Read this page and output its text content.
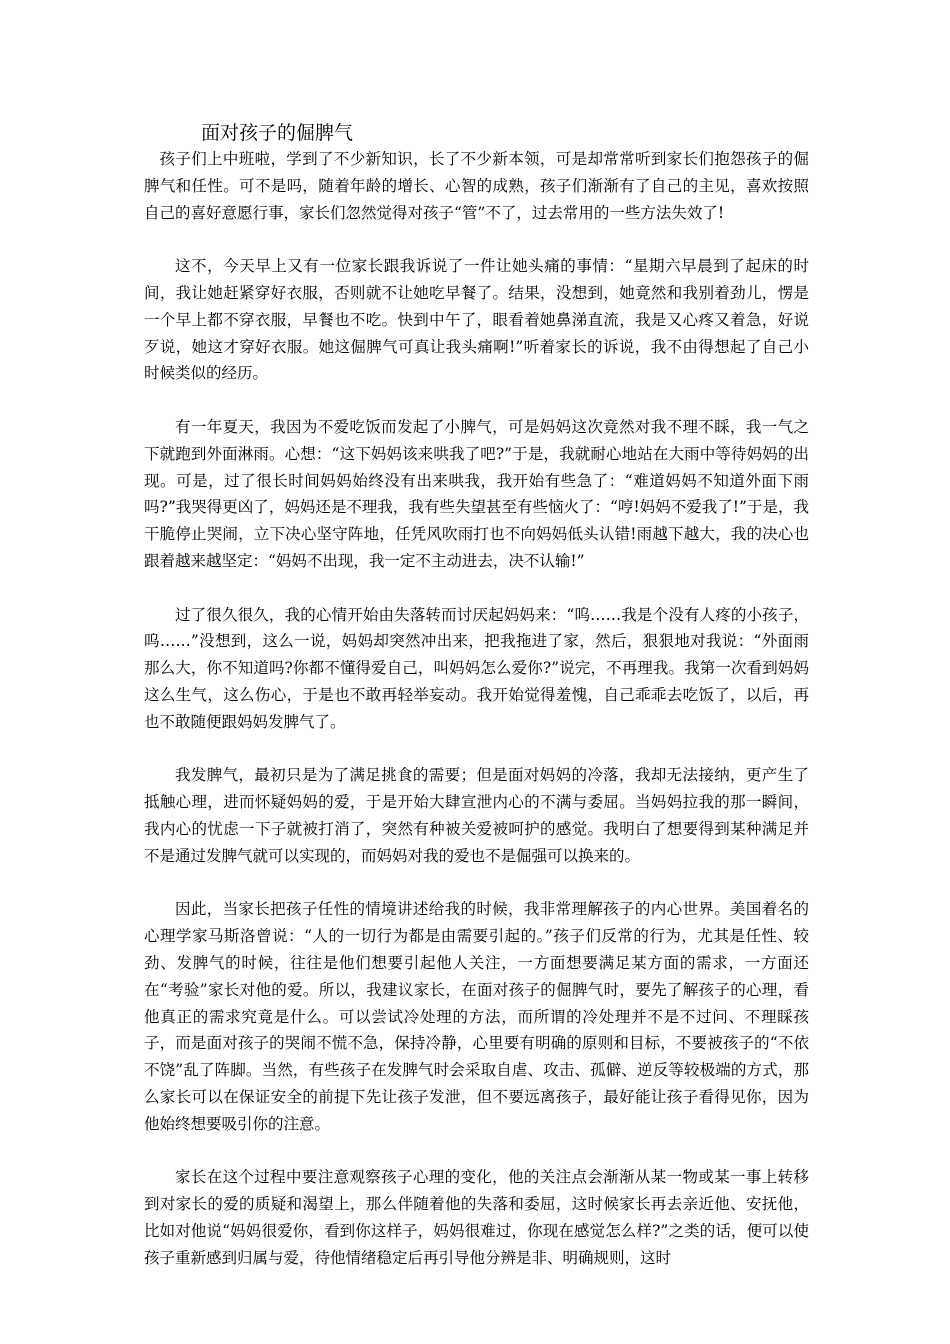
面对孩子的倔脾气

孩子们上中班啦，学到了不少新知识，长了不少新本领，可是却常常听到家长们抱怨孩子的倔脾气和任性。可不是吗，随着年龄的增长、心智的成熟，孩子们渐渐有了自己的主见，喜欢按照自己的喜好意愿行事，家长们忽然觉得对孩子“管”不了，过去常用的一些方法失效了!

这不，今天早上又有一位家长跟我诉说了一件让她头痛的事情：“星期六早晨到了起床的时间，我让她赶紧穿好衣服，否则就不让她吃早餐了。结果，没想到，她竟然和我别着劲儿，愣是一个早上都不穿衣服，早餐也不吃。快到中午了，眼看着她鼻涕直流，我是又心疼又着急，好说歹说，她这才穿好衣服。她这倔脾气可真让我头痛啊!”听着家长的诉说，我不由得想起了自己小时候类似的经历。

有一年夏天，我因为不爱吃饭而发起了小脾气，可是妈妈这次竟然对我不理不睬，我一气之下就跑到外面淋雨。心想：“这下妈妈该来哄我了吧?”于是，我就耐心地站在大雨中等待妈妈的出现。可是，过了很长时间妈妈始终没有出来哄我，我开始有些急了：“难道妈妈不知道外面下雨吗?”我哭得更凶了，妈妈还是不理我，我有些失望甚至有些恼火了：“哼!妈妈不爱我了!”于是，我干脆停止哭闹，立下决心坚守阵地，任凭风吹雨打也不向妈妈低头认错!雨越下越大，我的决心也跟着越来越坚定：“妈妈不出现，我一定不主动进去，决不认输!”

过了很久很久，我的心情开始由失落转而讨厌起妈妈来：“呜……我是个没有人疼的小孩子，呜……”没想到，这么一说，妈妈却突然冲出来，把我拖进了家，然后，狠狠地对我说：“外面雨那么大，你不知道吗?你都不懂得爱自己，叫妈妈怎么爱你?”说完，不再理我。我第一次看到妈妈这么生气，这么伤心，于是也不敢再轻举妄动。我开始觉得羞愧，自己乖乖去吃饭了，以后，再也不敢随便跟妈妈发脾气了。

我发脾气，最初只是为了满足挑食的需要；但是面对妈妈的冷落，我却无法接纳，更产生了抵触心理，进而怀疑妈妈的爱，于是开始大肆宣泄内心的不满与委屈。当妈妈拉我的那一瞬间，我内心的忧虑一下子就被打消了，突然有种被关爱被呵护的感觉。我明白了想要得到某种满足并不是通过发脾气就可以实现的，而妈妈对我的爱也不是倔强可以换来的。

因此，当家长把孩子任性的情境讲述给我的时候，我非常理解孩子的内心世界。美国着名的心理学家马斯洛曾说：“人的一切行为都是由需要引起的。”孩子们反常的行为，尤其是任性、较劲、发脾气的时候，往往是他们想要引起他人关注，一方面想要满足某方面的需求，一方面还在“考验”家长对他的爱。所以，我建议家长，在面对孩子的倔脾气时，要先了解孩子的心理，看他真正的需求究竟是什么。可以尝试冷处理的方法，而所谓的冷处理并不是不过问、不理睬孩子，而是面对孩子的哭闹不慌不急，保持冷静，心里要有明确的原则和目标，不要被孩子的“不依不饶”乱了阵脚。当然，有些孩子在发脾气时会采取自虐、攻击、孤僻、逆反等较极端的方式，那么家长可以在保证安全的前提下先让孩子发泄，但不要远离孩子，最好能让孩子看得见你，因为他始终想要吸引你的注意。

家长在这个过程中要注意观察孩子心理的变化，他的关注点会渐渐从某一物或某一事上转移到对家长的爱的质疑和渴望上，那么伴随着他的失落和委屈，这时候家长再去亲近他、安抚他，比如对他说“妈妈很爱你，看到你这样子，妈妈很难过，你现在感觉怎么样?”之类的话，便可以使孩子重新感到归属与爱，待他情绪稳定后再引导他分辨是非、明确规则，这时
